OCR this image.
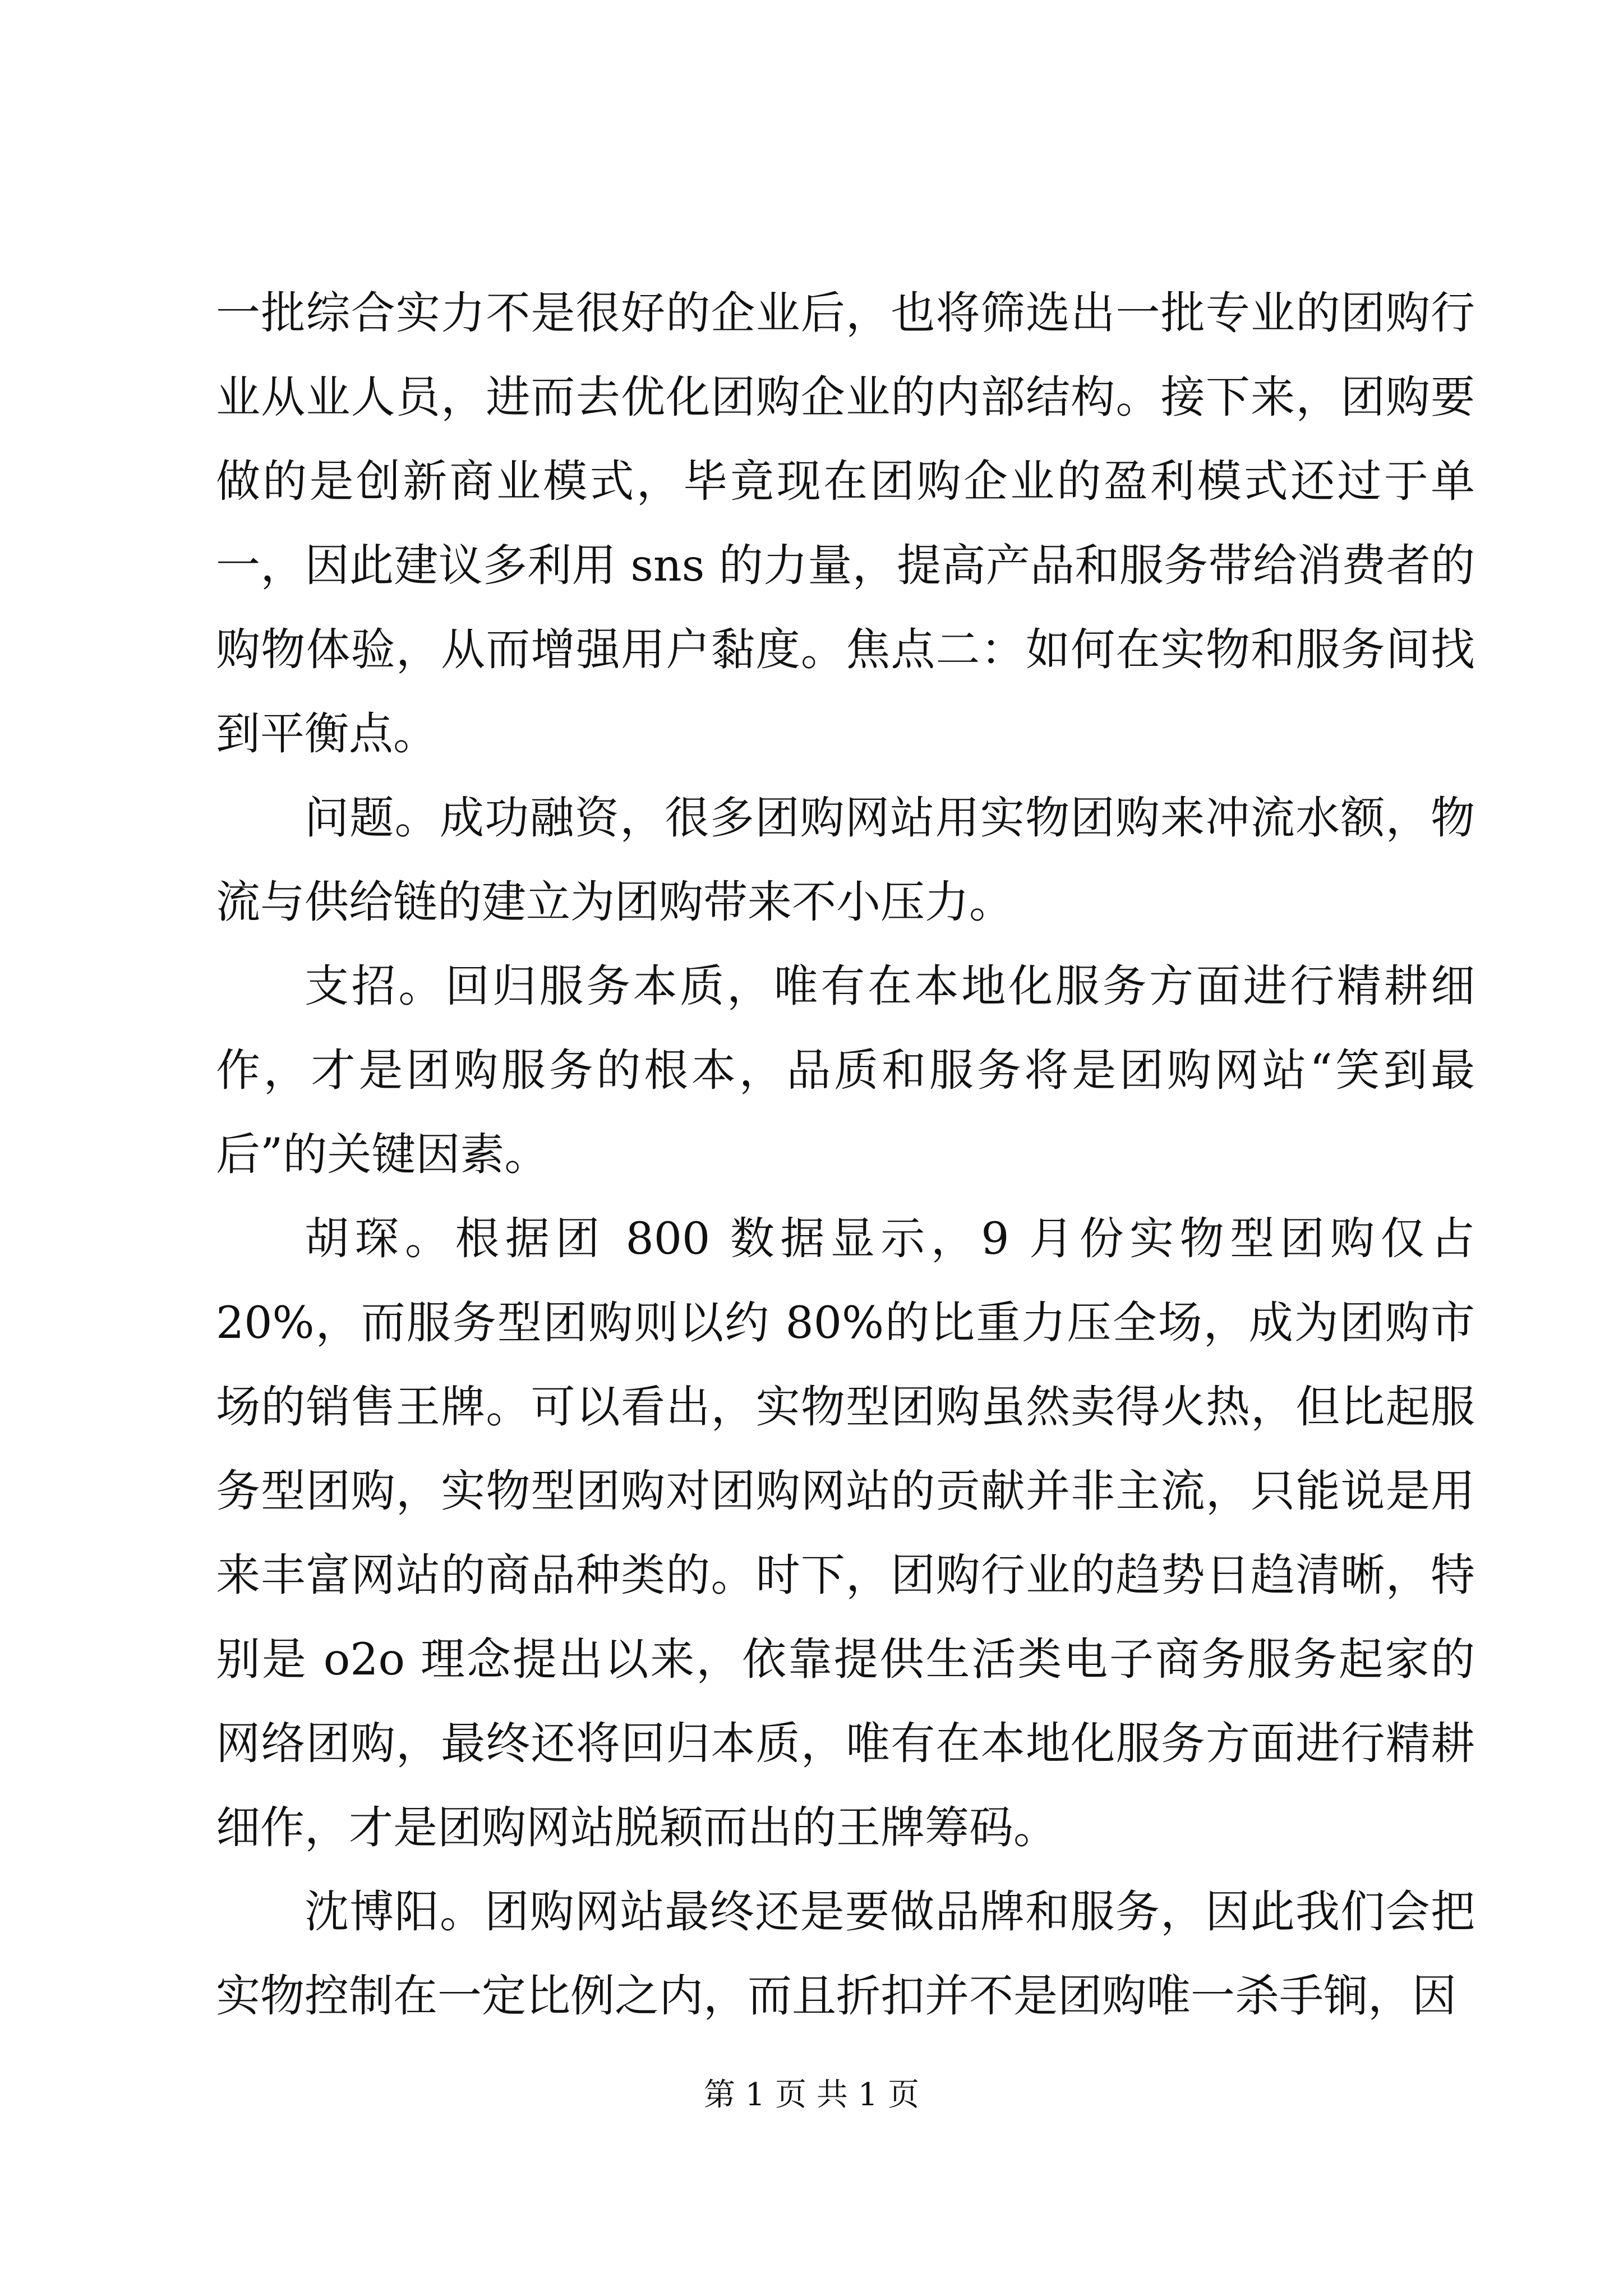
一批综合实力不是很好的企业后，也将筛选出一批专业的团购行业从业人员，进而去优化团购企业的内部结构。接下来，团购要做的是创新商业模式，毕竟现在团购企业的盈利模式还过于单一，因此建议多利用 sns 的力量，提高产品和服务带给消费者的购物体验，从而增强用户黏度。焦点二：如何在实物和服务间找到平衡点。

问题。成功融资，很多团购网站用实物团购来冲流水额，物流与供给链的建立为团购带来不小压力。

支招。回归服务本质，唯有在本地化服务方面进行精耕细作，才是团购服务的根本，品质和服务将是团购网站“笑到最后”的关键因素。

胡琛。根据团 800 数据显示，9 月份实物型团购仅占 20%，而服务型团购则以约 80%的比重力压全场，成为团购市场的销售王牌。可以看出，实物型团购虽然卖得火热，但比起服务型团购，实物型团购对团购网站的贡献并非主流，只能说是用来丰富网站的商品种类的。时下，团购行业的趋势日趋清晰，特别是 o2o 理念提出以来，依靠提供生活类电子商务服务起家的网络团购，最终还将回归本质，唯有在本地化服务方面进行精耕细作，才是团购网站脱颖而出的王牌筹码。

沈博阳。团购网站最终还是要做品牌和服务，因此我们会把实物控制在一定比例之内，而且折扣并不是团购唯一杀手锏，因

第 1 页 共 1 页
